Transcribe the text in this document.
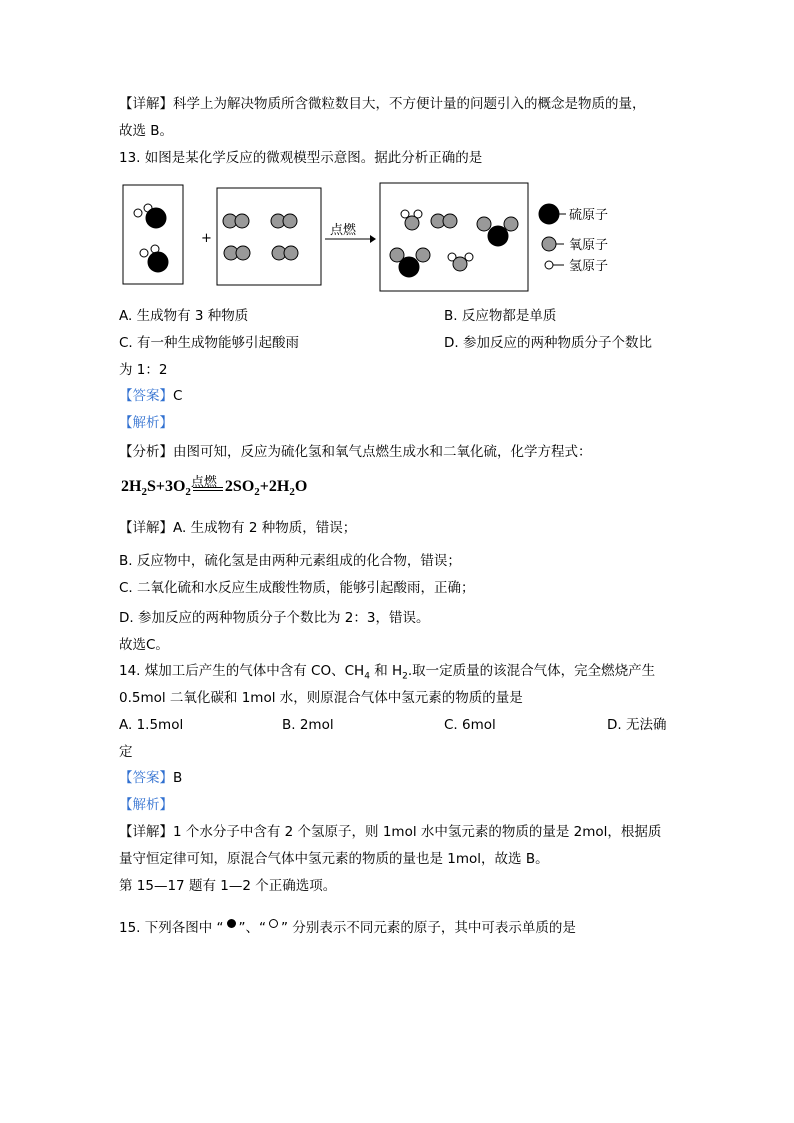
【详解】科学上为解决物质所含微粒数目大，不方便计量的问题引入的概念是物质的量，
故选 B。
13. 如图是某化学反应的微观模型示意图。据此分析正确的是
+
点燃
硫原子
氧原子
氢原子
A. 生成物有 3 种物质	B. 反应物都是单质
C. 有一种生成物能够引起酸雨	D. 参加反应的两种物质分子个数比
为 1：2
【答案】C
【解析】
【分析】由图可知，反应为硫化氢和氧气点燃生成水和二氧化硫，化学方程式：
$2H_2S+3O_2$
点燃 $2SO_2+2H_2O$
【详解】A. 生成物有 2 种物质，错误；
B. 反应物中，硫化氢是由两种元素组成的化合物，错误；
C. 二氧化硫和水反应生成酸性物质，能够引起酸雨，正确；
D. 参加反应的两种物质分子个数比为 2：3，错误。
故选C。
14. 煤加工后产生的气体中含有 CO、$CH_4$ 和 $H_2$.取一定质量的该混合气体，完全燃烧产生
0.5mol 二氧化碳和 1mol 水，则原混合气体中氢元素的物质的量是
A. 1.5mol	B. 2mol	C. 6mol	D. 无法确
定
【答案】B
【解析】
【详解】1 个水分子中含有 2 个氢原子，则 1mol 水中氢元素的物质的量是 2mol，根据质
量守恒定律可知，原混合气体中氢元素的物质的量也是 1mol，故选 B。
第 15—17 题有 1—2 个正确选项。
15. 下列各图中 “ ”、“ ” 分别表示不同元素的原子，其中可表示单质的是
